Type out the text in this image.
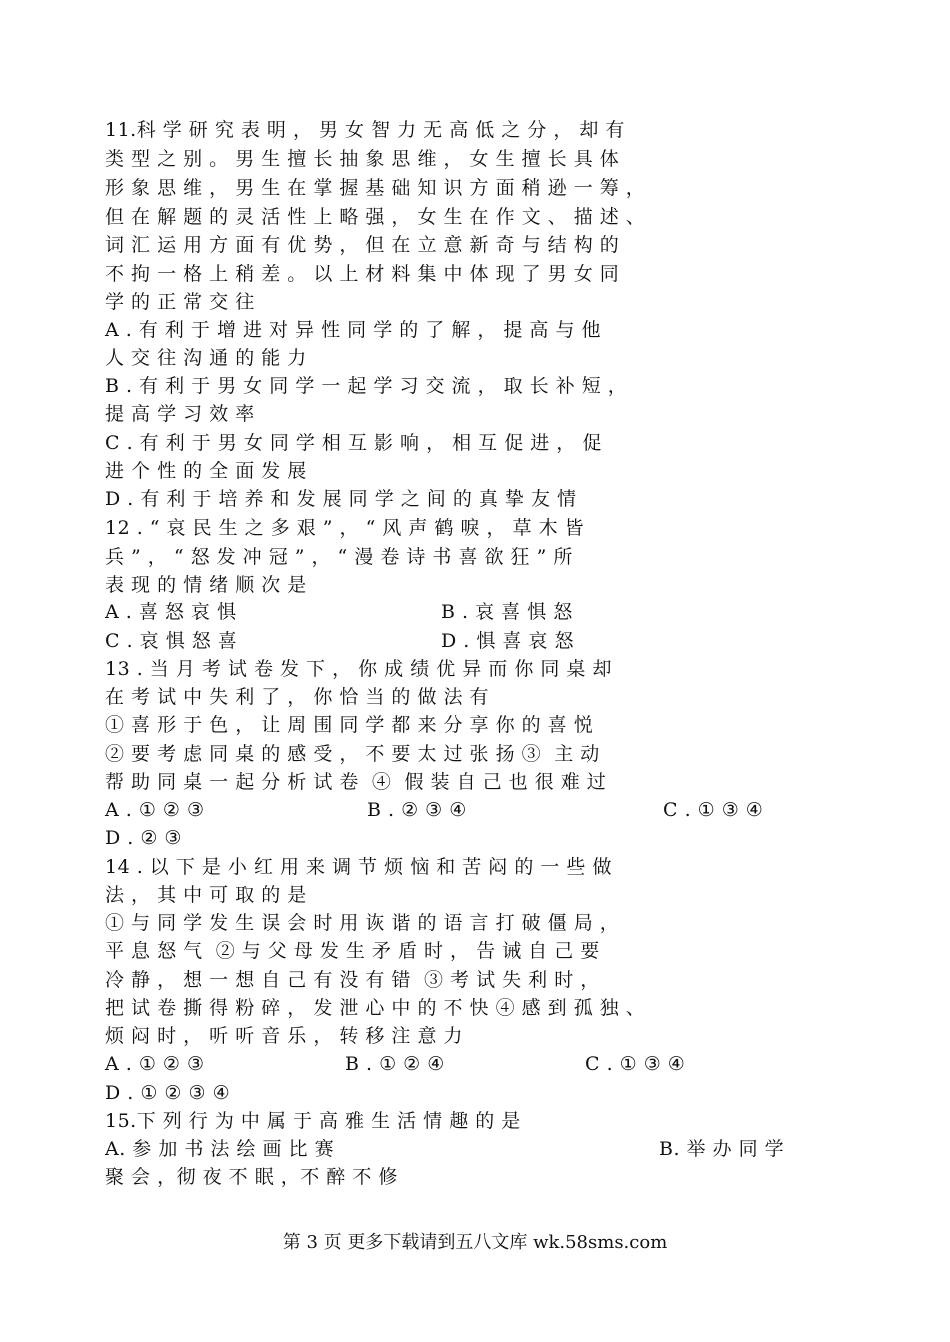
11.科 学 研 究 表 明 ， 男 女 智 力 无 高 低 之 分 ， 却 有
类 型 之 别 。 男 生 擅 长 抽 象 思 维 ， 女 生 擅 长 具 体
形 象 思 维 ， 男 生 在 掌 握 基 础 知 识 方 面 稍 逊 一 筹 ，
但 在 解 题 的 灵 活 性 上 略 强 ， 女 生 在 作 文 、 描 述 、
词 汇 运 用 方 面 有 优 势 ， 但 在 立 意 新 奇 与 结 构 的
不 拘 一 格 上 稍 差 。 以 上 材 料 集 中 体 现 了 男 女 同
学 的 正 常 交 往
A . 有 利 于 增 进 对 异 性 同 学 的 了 解 ， 提 高 与 他
人 交 往 沟 通 的 能 力
B . 有 利 于 男 女 同 学 一 起 学 习 交 流 ， 取 长 补 短 ，
提 高 学 习 效 率
C . 有 利 于 男 女 同 学 相 互 影 响 ， 相 互 促 进 ， 促
进 个 性 的 全 面 发 展
D . 有 利 于 培 养 和 发 展 同 学 之 间 的 真 挚 友 情
12 . “ 哀 民 生 之 多 艰 ” ， “ 风 声 鹤 唳 ， 草 木 皆
兵 ” ， “ 怒 发 冲 冠 ” ， “ 漫 卷 诗 书 喜 欲 狂 ” 所
表 现 的 情 绪 顺 次 是

A . 喜 怒 哀 惧

	B . 哀 喜 惧 怒

C . 哀 惧 怒 喜

	D . 惧 喜 哀 怒

13 . 当 月 考 试 卷 发 下 ， 你 成 绩 优 异 而 你 同 桌 却
在 考 试 中 失 利 了 ， 你 恰 当 的 做 法 有
① 喜 形 于 色 ， 让 周 围 同 学 都 来 分 享 你 的 喜 悦
② 要 考 虑 同 桌 的 感 受 ， 不 要 太 过 张 扬 ③  主 动
帮 助 同 桌 一 起 分 析 试 卷  ④  假 装 自 己 也 很 难 过

A . ① ② ③

	B . ② ③ ④

	C . ① ③ ④

D . ② ③
14 . 以 下 是 小 红 用 来 调 节 烦 恼 和 苦 闷 的 一 些 做
法 ， 其 中 可 取 的 是
① 与 同 学 发 生 误 会 时 用 诙 谐 的 语 言 打 破 僵 局 ，
平 息 怒 气  ② 与 父 母 发 生 矛 盾 时 ， 告 诫 自 己 要
冷 静 ， 想 一 想 自 己 有 没 有 错  ③ 考 试 失 利 时 ，
把 试 卷 撕 得 粉 碎 ， 发 泄 心 中 的 不 快 ④ 感 到 孤 独 、
烦 闷 时 ， 听 听 音 乐 ， 转 移 注 意 力

A . ① ② ③

	B . ① ② ④

	C . ① ③ ④

D . ① ② ③ ④
15.下 列 行 为 中 属 于 高 雅 生 活 情 趣 的 是

A. 参 加 书 法 绘 画 比 赛

	B. 举 办 同 学

聚 会 ，彻 夜 不 眠 ，不 醉 不 修
第 3 页 更多下载请到五八文库 wk.58sms.com
